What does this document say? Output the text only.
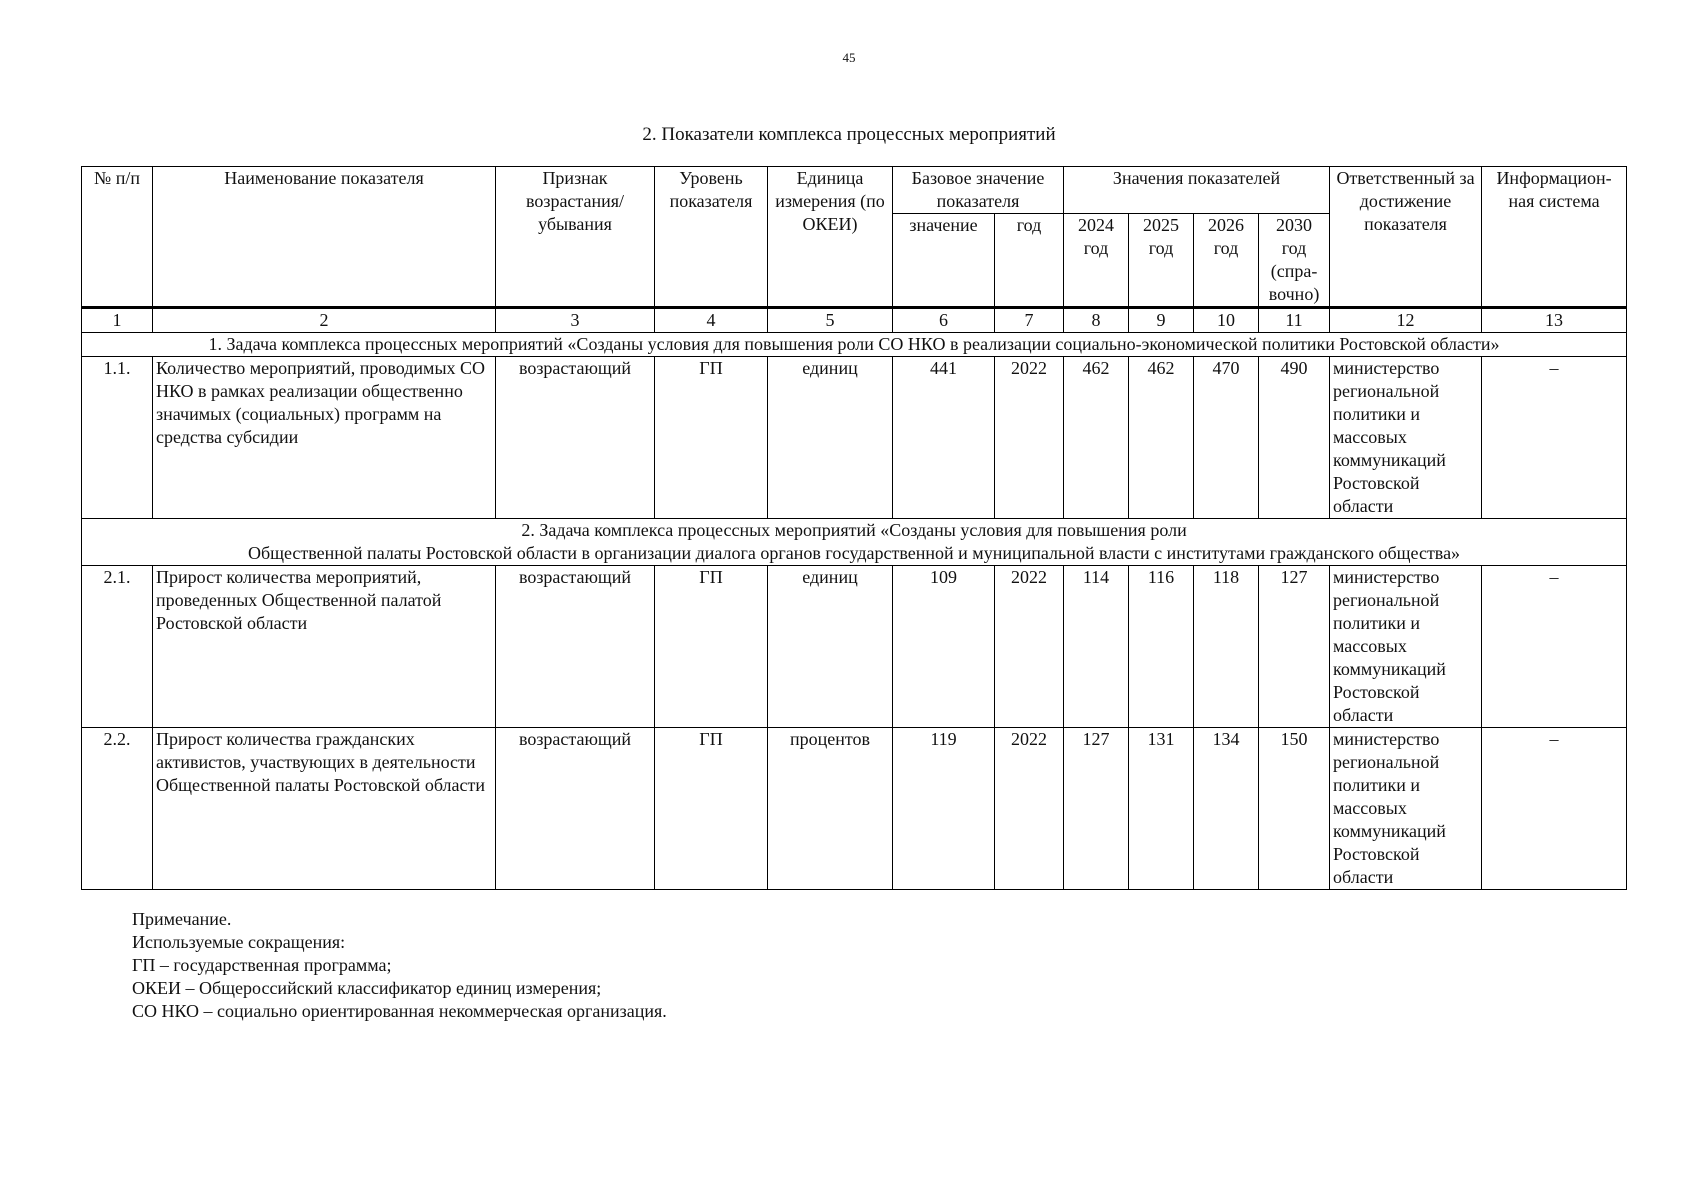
45
2. Показатели комплекса процессных мероприятий
№ п/п	Наименование показателя	Признак возрастания/ убывания	Уровень показателя	Единица измерения (по ОКЕИ)	Базовое значение показателя		Значения показателей				Ответственный за достижение показателя	Информацион-ная система
					значение	год	2024 год	2025 год	2026 год	2030 год (спра-вочно)		
1	2	3	4	5	6	7	8	9	10	11	12	13
1. Задача комплекса процессных мероприятий «Созданы условия для повышения роли СО НКО в реализации социально-экономической политики Ростовской области»												
1.1.	Количество мероприятий, проводимых СО НКО в рамках реализации общественно значимых (социальных) программ на средства субсидии	возрастающий	ГП	единиц	441	2022	462	462	470	490	министерство региональной политики и массовых коммуникаций Ростовской области	–

2. Задача комплекса процессных мероприятий «Созданы условия для повышения роли
Общественной палаты Ростовской области в организации диалога органов государственной и муниципальной власти с институтами гражданского общества»												

2.1.	Прирост количества мероприятий, проведенных Общественной палатой Ростовской области	возрастающий	ГП	единиц	109	2022	114	116	118	127	министерство региональной политики и массовых коммуникаций Ростовской области	–
2.2.	Прирост количества гражданских активистов, участвующих в деятельности Общественной палаты Ростовской области	возрастающий	ГП	процентов	119	2022	127	131	134	150	министерство региональной политики и массовых коммуникаций Ростовской области	–
Примечание.
Используемые сокращения:
ГП – государственная программа;
ОКЕИ – Общероссийский классификатор единиц измерения;
СО НКО – социально ориентированная некоммерческая организация.
